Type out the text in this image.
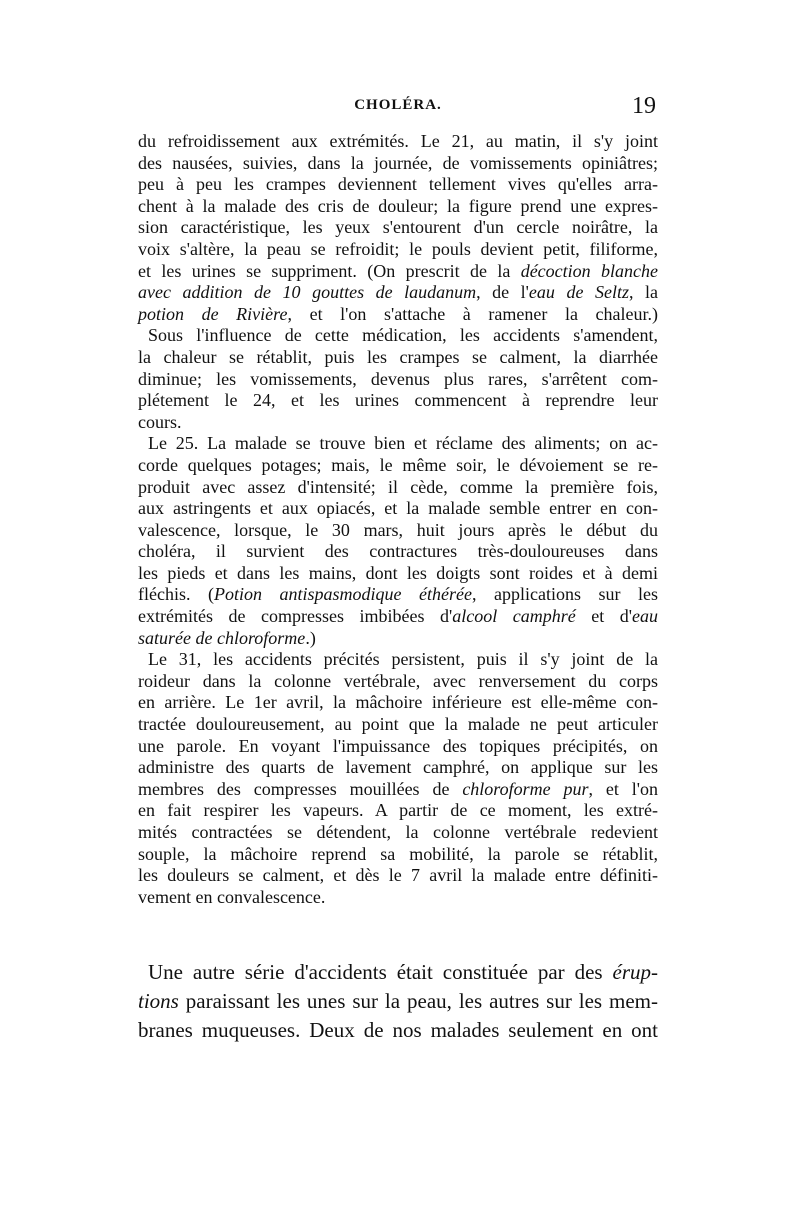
CHOLÉRA.	19
du refroidissement aux extrémités. Le 21, au matin, il s'y joint
des nausées, suivies, dans la journée, de vomissements opiniâtres;
peu à peu les crampes deviennent tellement vives qu'elles arra-
chent à la malade des cris de douleur; la figure prend une expres-
sion caractéristique, les yeux s'entourent d'un cercle noirâtre, la
voix s'altère, la peau se refroidit; le pouls devient petit, filiforme,
et les urines se suppriment. (On prescrit de la décoction blanche
avec addition de 10 gouttes de laudanum, de l'eau de Seltz, la
potion de Rivière, et l'on s'attache à ramener la chaleur.)
Sous l'influence de cette médication, les accidents s'amendent,
la chaleur se rétablit, puis les crampes se calment, la diarrhée
diminue; les vomissements, devenus plus rares, s'arrêtent com-
plétement le 24, et les urines commencent à reprendre leur
cours.
Le 25. La malade se trouve bien et réclame des aliments; on ac-
corde quelques potages; mais, le même soir, le dévoiement se re-
produit avec assez d'intensité; il cède, comme la première fois,
aux astringents et aux opiacés, et la malade semble entrer en con-
valescence, lorsque, le 30 mars, huit jours après le début du
choléra, il survient des contractures très-douloureuses dans
les pieds et dans les mains, dont les doigts sont roides et à demi
fléchis. (Potion antispasmodique éthérée, applications sur les
extrémités de compresses imbibées d'alcool camphré et d'eau
saturée de chloroforme.)
Le 31, les accidents précités persistent, puis il s'y joint de la
roideur dans la colonne vertébrale, avec renversement du corps
en arrière. Le 1er avril, la mâchoire inférieure est elle-même con-
tractée douloureusement, au point que la malade ne peut articuler
une parole. En voyant l'impuissance des topiques précipités, on
administre des quarts de lavement camphré, on applique sur les
membres des compresses mouillées de chloroforme pur, et l'on
en fait respirer les vapeurs. A partir de ce moment, les extré-
mités contractées se détendent, la colonne vertébrale redevient
souple, la mâchoire reprend sa mobilité, la parole se rétablit,
les douleurs se calment, et dès le 7 avril la malade entre définiti-
vement en convalescence.
Une autre série d'accidents était constituée par des érup-
tions paraissant les unes sur la peau, les autres sur les mem-
branes muqueuses. Deux de nos malades seulement en ont
